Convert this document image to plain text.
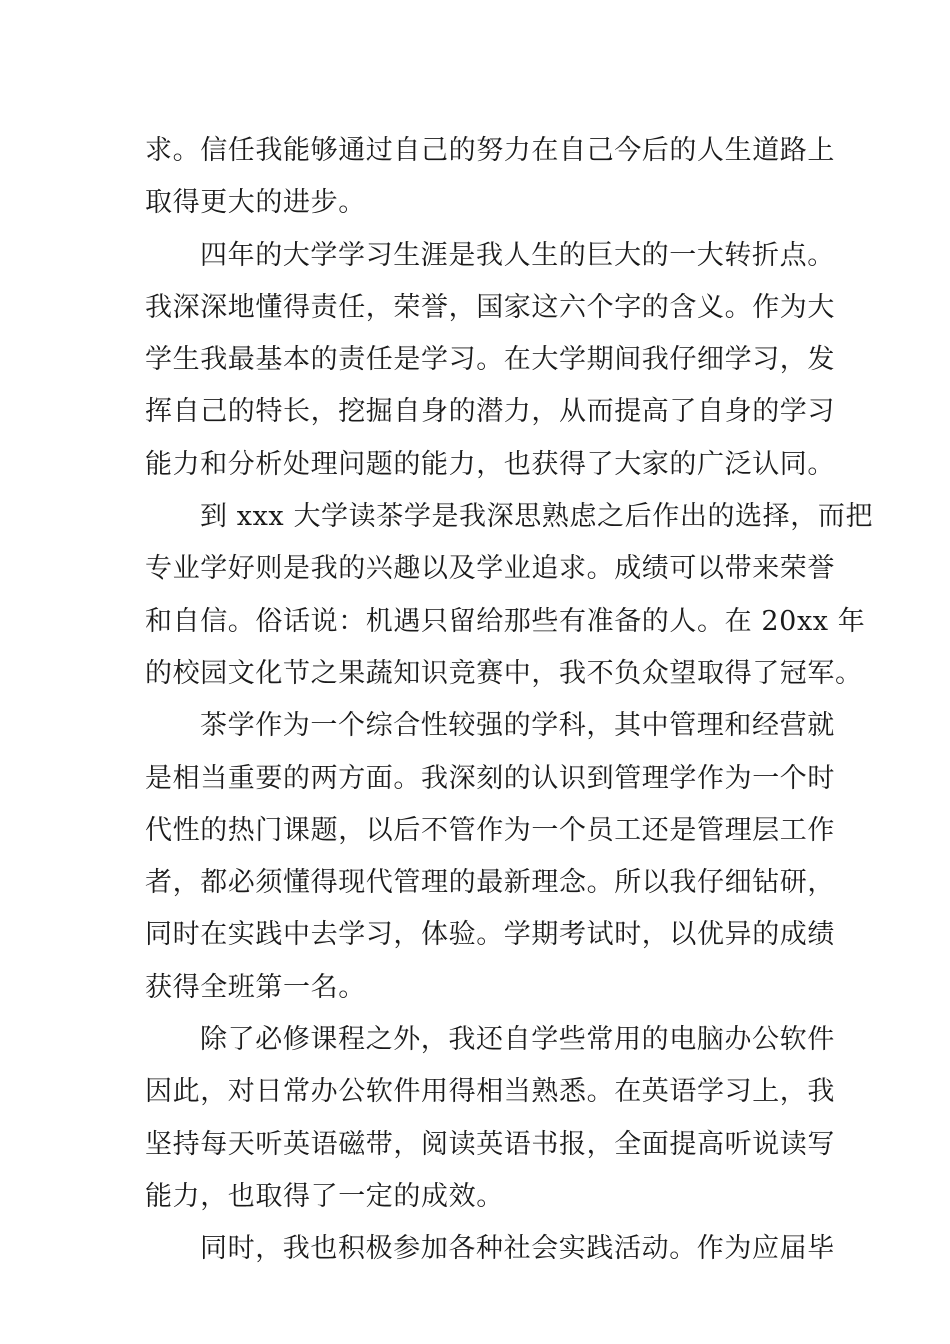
求。信任我能够通过自己的努力在自己今后的人生道路上
取得更大的进步。
四年的大学学习生涯是我人生的巨大的一大转折点。
我深深地懂得责任，荣誉，国家这六个字的含义。作为大
学生我最基本的责任是学习。在大学期间我仔细学习，发
挥自己的特长，挖掘自身的潜力，从而提高了自身的学习
能力和分析处理问题的能力，也获得了大家的广泛认同。
到 xxx 大学读茶学是我深思熟虑之后作出的选择，而把
专业学好则是我的兴趣以及学业追求。成绩可以带来荣誉
和自信。俗话说：机遇只留给那些有准备的人。在 20xx 年
的校园文化节之果蔬知识竞赛中，我不负众望取得了冠军。
茶学作为一个综合性较强的学科，其中管理和经营就
是相当重要的两方面。我深刻的认识到管理学作为一个时
代性的热门课题，以后不管作为一个员工还是管理层工作
者，都必须懂得现代管理的最新理念。所以我仔细钻研，
同时在实践中去学习，体验。学期考试时，以优异的成绩
获得全班第一名。
除了必修课程之外，我还自学些常用的电脑办公软件
因此，对日常办公软件用得相当熟悉。在英语学习上，我
坚持每天听英语磁带，阅读英语书报，全面提高听说读写
能力，也取得了一定的成效。
同时，我也积极参加各种社会实践活动。作为应届毕
